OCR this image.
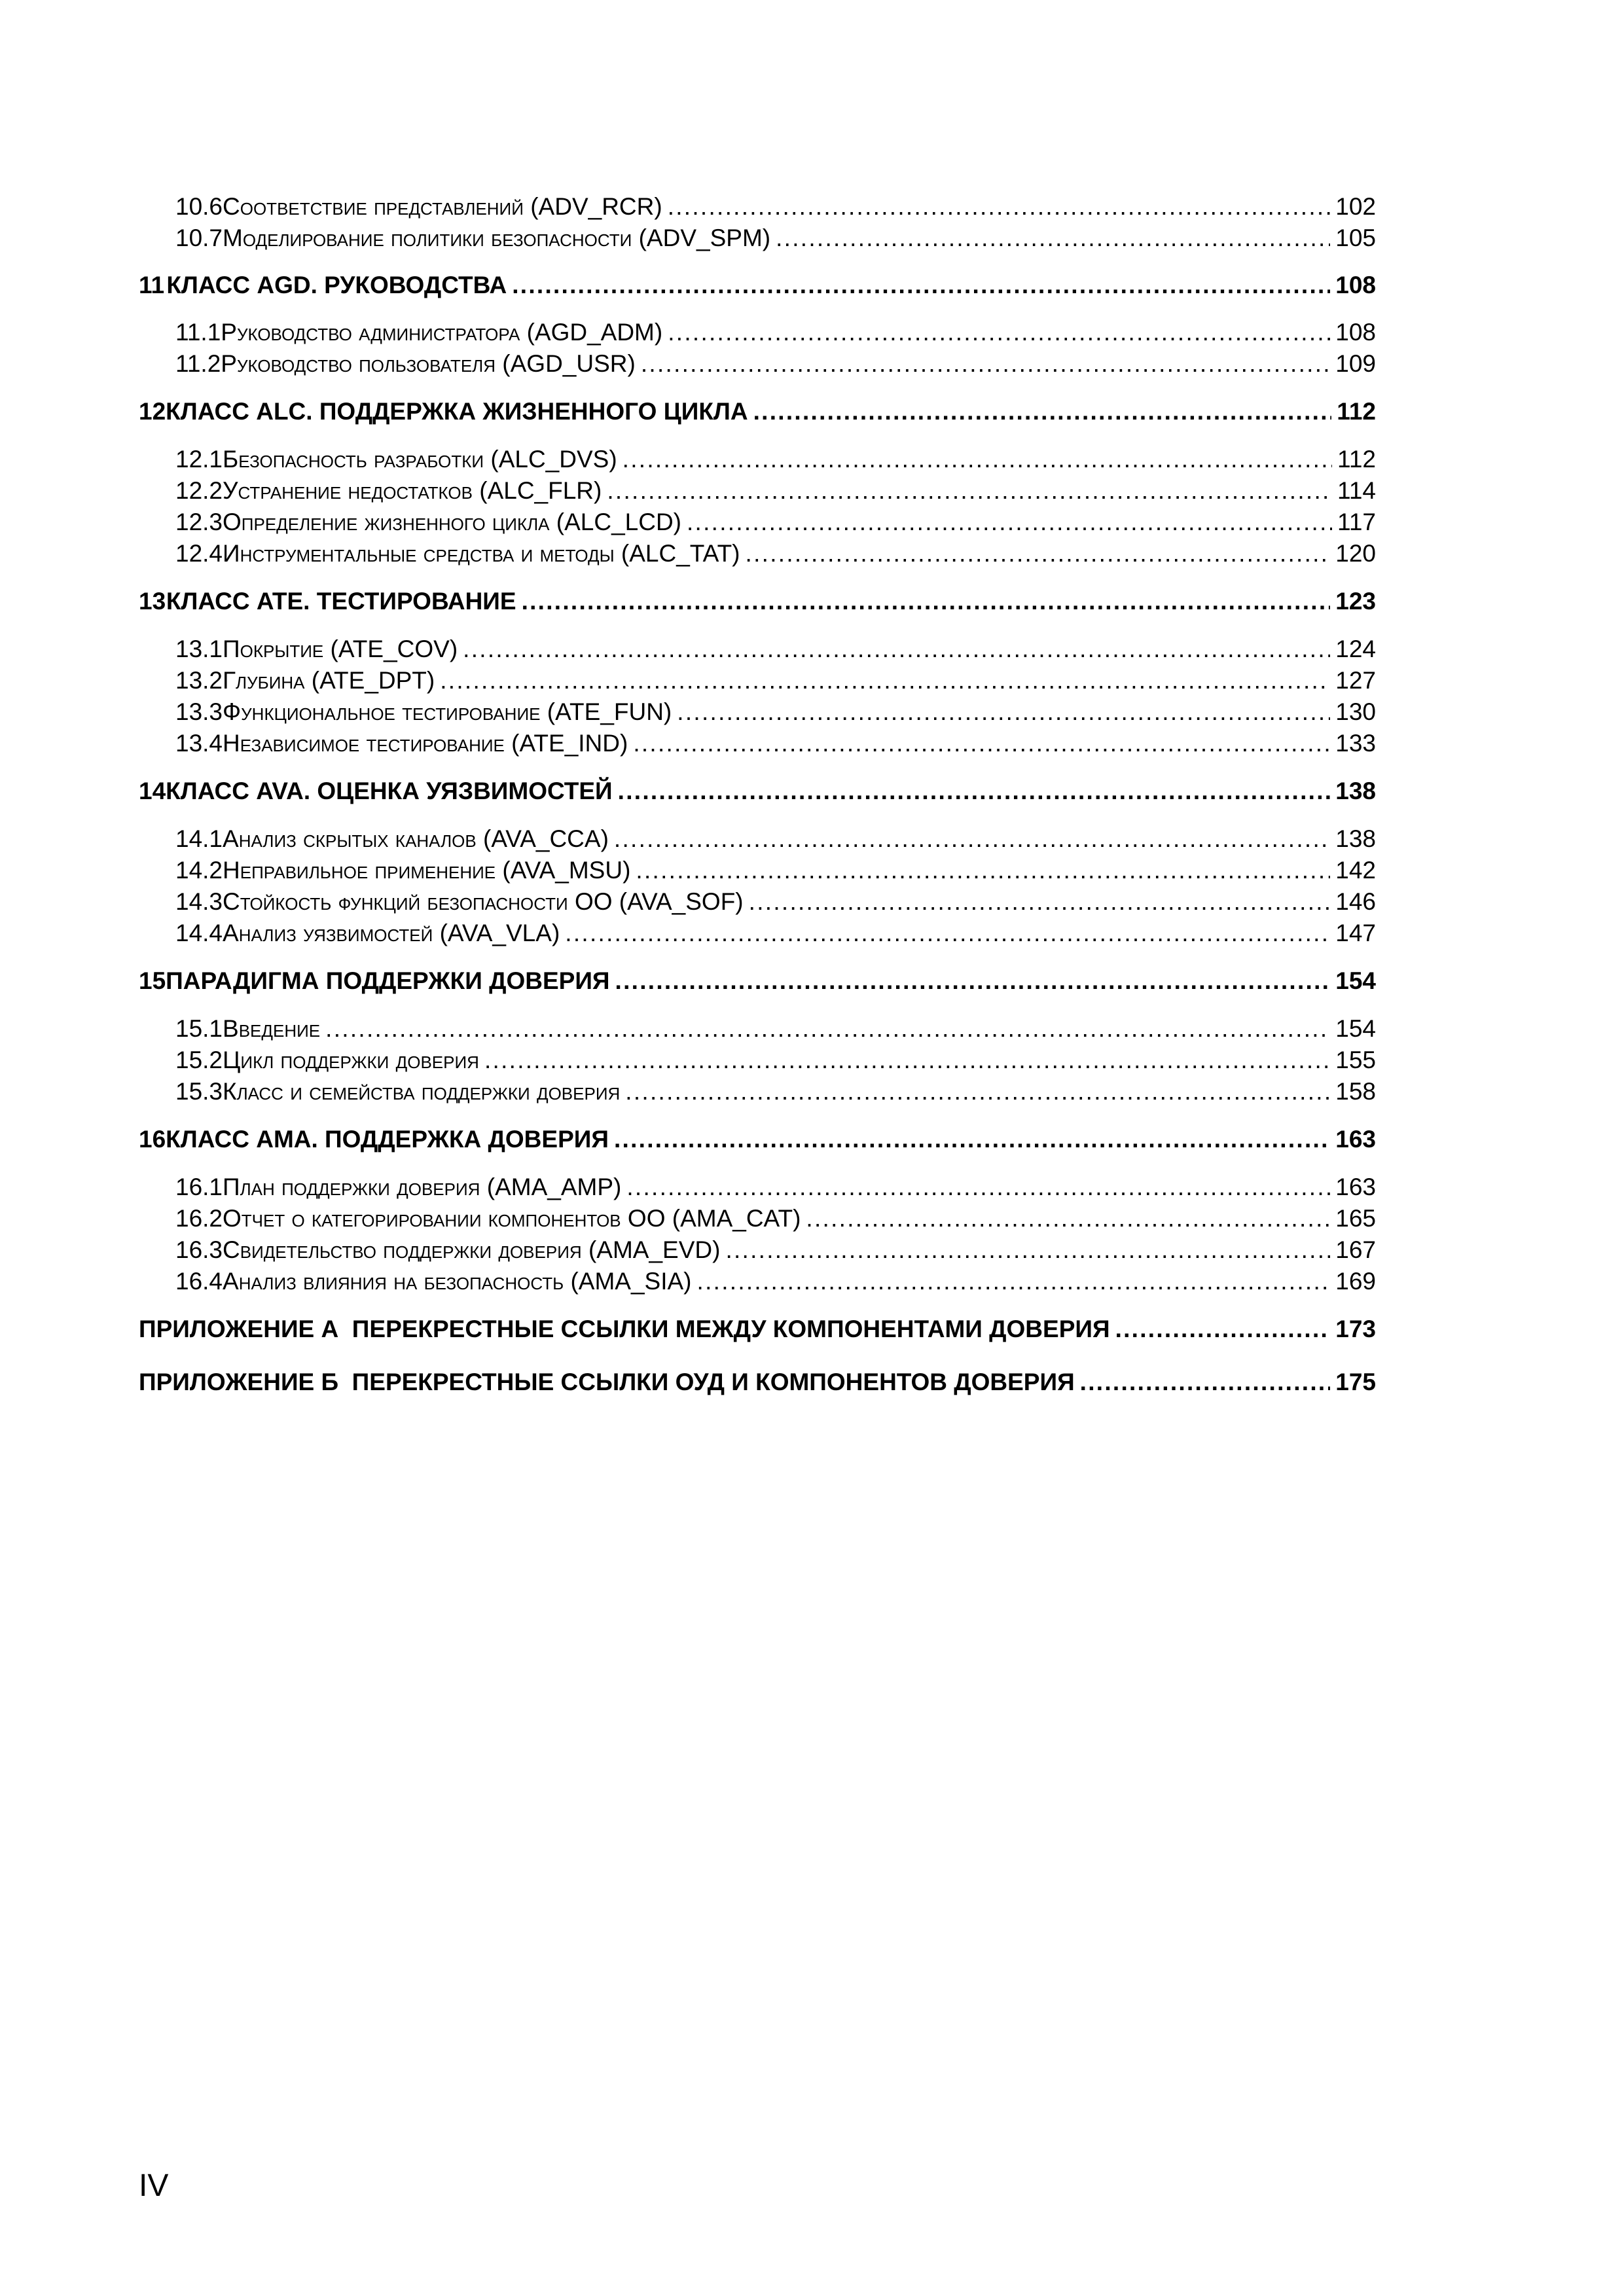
10.6 Соответствие представлений (ADV_RCR) . . .	102
10.7 Моделирование политики безопасности (ADV_SPM) . . .	105
11 КЛАСС AGD. РУКОВОДСТВА . . .	108
11.1 Руководство администратора (AGD_ADM) . . .	108
11.2 Руководство пользователя (AGD_USR) . . .	109
12 КЛАСС ALC. ПОДДЕРЖКА ЖИЗНЕННОГО ЦИКЛА . . .	112
12.1 Безопасность разработки (ALC_DVS) . . .	112
12.2 Устранение недостатков (ALC_FLR) . . .	114
12.3 Определение жизненного цикла (ALC_LCD) . . .	117
12.4 Инструментальные средства и методы (ALC_TAT) . . .	120
13 КЛАСС ATE. ТЕСТИРОВАНИЕ . . .	123
13.1 Покрытие (ATE_COV) . . .	124
13.2 Глубина (ATE_DPT) . . .	127
13.3 Функциональное тестирование (ATE_FUN) . . .	130
13.4 Независимое тестирование (ATE_IND) . . .	133
14 КЛАСС AVA. ОЦЕНКА УЯЗВИМОСТЕЙ . . .	138
14.1 Анализ скрытых каналов (AVA_CCA) . . .	138
14.2 Неправильное применение (AVA_MSU) . . .	142
14.3 Стойкость функций безопасности ОО (AVA_SOF) . . .	146
14.4 Анализ уязвимостей (AVA_VLA) . . .	147
15 ПАРАДИГМА ПОДДЕРЖКИ ДОВЕРИЯ . . .	154
15.1 Введение . . .	154
15.2 Цикл поддержки доверия . . .	155
15.3 Класс и семейства поддержки доверия . . .	158
16 КЛАСС AMA. ПОДДЕРЖКА ДОВЕРИЯ . . .	163
16.1 План поддержки доверия (AMA_AMP) . . .	163
16.2 Отчет о категорировании компонентов ОО (AMA_CAT) . . .	165
16.3 Свидетельство поддержки доверия (AMA_EVD) . . .	167
16.4 Анализ влияния на безопасность (AMA_SIA) . . .	169
ПРИЛОЖЕНИЕ А  ПЕРЕКРЕСТНЫЕ ССЫЛКИ МЕЖДУ КОМПОНЕНТАМИ ДОВЕРИЯ . . .	173
ПРИЛОЖЕНИЕ Б  ПЕРЕКРЕСТНЫЕ ССЫЛКИ ОУД И КОМПОНЕНТОВ ДОВЕРИЯ . . .	175
IV
